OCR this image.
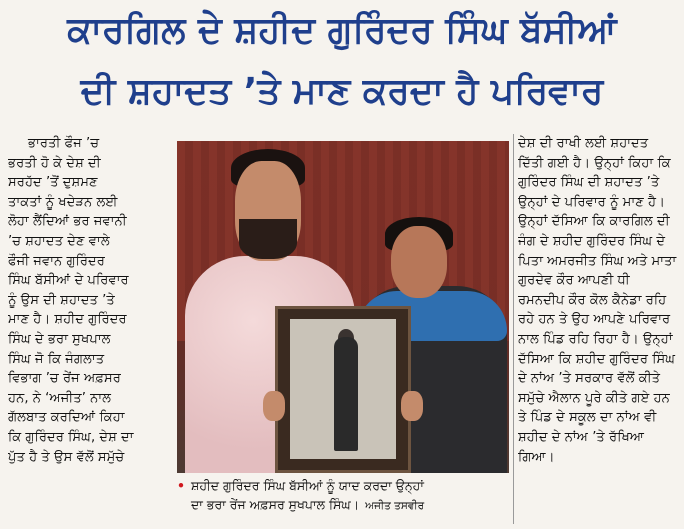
ਕਾਰਗਿਲ ਦੇ ਸ਼ਹੀਦ ਗੁਰਿੰਦਰ ਸਿੰਘ ਬੱਸੀਆਂ
ਦੀ ਸ਼ਹਾਦਤ ’ਤੇ ਮਾਣ ਕਰਦਾ ਹੈ ਪਰਿਵਾਰ
ਭਾਰਤੀ ਫੌਜ ’ਚ
ਭਰਤੀ ਹੋ ਕੇ ਦੇਸ਼ ਦੀ
ਸਰਹੱਦ ’ਤੋਂ ਦੁਸ਼ਮਣ
ਤਾਕਤਾਂ ਨੂੰ ਖਦੇੜਨ ਲਈ
ਲੋਹਾ ਲੈਂਦਿਆਂ ਭਰ ਜਵਾਨੀ
’ਚ ਸ਼ਹਾਦਤ ਦੇਣ ਵਾਲੇ
ਫੌਜੀ ਜਵਾਨ ਗੁਰਿੰਦਰ
ਸਿੰਘ ਬੱਸੀਆਂ ਦੇ ਪਰਿਵਾਰ
ਨੂੰ ਉਸ ਦੀ ਸ਼ਹਾਦਤ ’ਤੇ
ਮਾਣ ਹੈ। ਸ਼ਹੀਦ ਗੁਰਿੰਦਰ
ਸਿੰਘ ਦੇ ਭਰਾ ਸੁਖਪਾਲ
ਸਿੰਘ ਜੋ ਕਿ ਜੰਗਲਾਤ
ਵਿਭਾਗ ’ਚ ਰੇਂਜ ਅਫ਼ਸਰ
ਹਨ, ਨੇ ‘ਅਜੀਤ’ ਨਾਲ
ਗੱਲਬਾਤ ਕਰਦਿਆਂ ਕਿਹਾ
ਕਿ ਗੁਰਿੰਦਰ ਸਿੰਘ, ਦੇਸ਼ ਦਾ
ਪੁੱਤ ਹੈ ਤੇ ਉਸ ਵੱਲੋਂ ਸਮੁੱਚੇ
ਦੇਸ਼ ਦੀ ਰਾਖੀ ਲਈ ਸ਼ਹਾਦਤ
ਦਿੱਤੀ ਗਈ ਹੈ। ਉਨ੍ਹਾਂ ਕਿਹਾ ਕਿ
ਗੁਰਿੰਦਰ ਸਿੰਘ ਦੀ ਸ਼ਹਾਦਤ ’ਤੇ
ਉਨ੍ਹਾਂ ਦੇ ਪਰਿਵਾਰ ਨੂੰ ਮਾਣ ਹੈ।
ਉਨ੍ਹਾਂ ਦੱਸਿਆ ਕਿ ਕਾਰਗਿਲ ਦੀ
ਜੰਗ ਦੇ ਸ਼ਹੀਦ ਗੁਰਿੰਦਰ ਸਿੰਘ ਦੇ
ਪਿਤਾ ਅਮਰਜੀਤ ਸਿੰਘ ਅਤੇ ਮਾਤਾ
ਗੁਰਦੇਵ ਕੌਰ ਆਪਣੀ ਧੀ
ਰਮਨਦੀਪ ਕੌਰ ਕੋਲ ਕੈਨੇਡਾ ਰਹਿ
ਰਹੇ ਹਨ ਤੇ ਉਹ ਆਪਣੇ ਪਰਿਵਾਰ
ਨਾਲ ਪਿੰਡ ਰਹਿ ਰਿਹਾ ਹੈ। ਉਨ੍ਹਾਂ
ਦੱਸਿਆ ਕਿ ਸ਼ਹੀਦ ਗੁਰਿੰਦਰ ਸਿੰਘ
ਦੇ ਨਾਂਅ ’ਤੇ ਸਰਕਾਰ ਵੱਲੋਂ ਕੀਤੇ
ਸਮੁੱਚੇ ਐਲਾਨ ਪੂਰੇ ਕੀਤੇ ਗਏ ਹਨ
ਤੇ ਪਿੰਡ ਦੇ ਸਕੂਲ ਦਾ ਨਾਂਅ ਵੀ
ਸ਼ਹੀਦ ਦੇ ਨਾਂਅ ’ਤੇ ਰੱਖਿਆ
ਗਿਆ।
• ਸ਼ਹੀਦ ਗੁਰਿੰਦਰ ਸਿੰਘ ਬੱਸੀਆਂ ਨੂੰ ਯਾਦ ਕਰਦਾ ਉਨ੍ਹਾਂ
ਦਾ ਭਰਾ ਰੇਂਜ ਅਫ਼ਸਰ ਸੁਖਪਾਲ ਸਿੰਘ। ਅਜੀਤ ਤਸਵੀਰ
